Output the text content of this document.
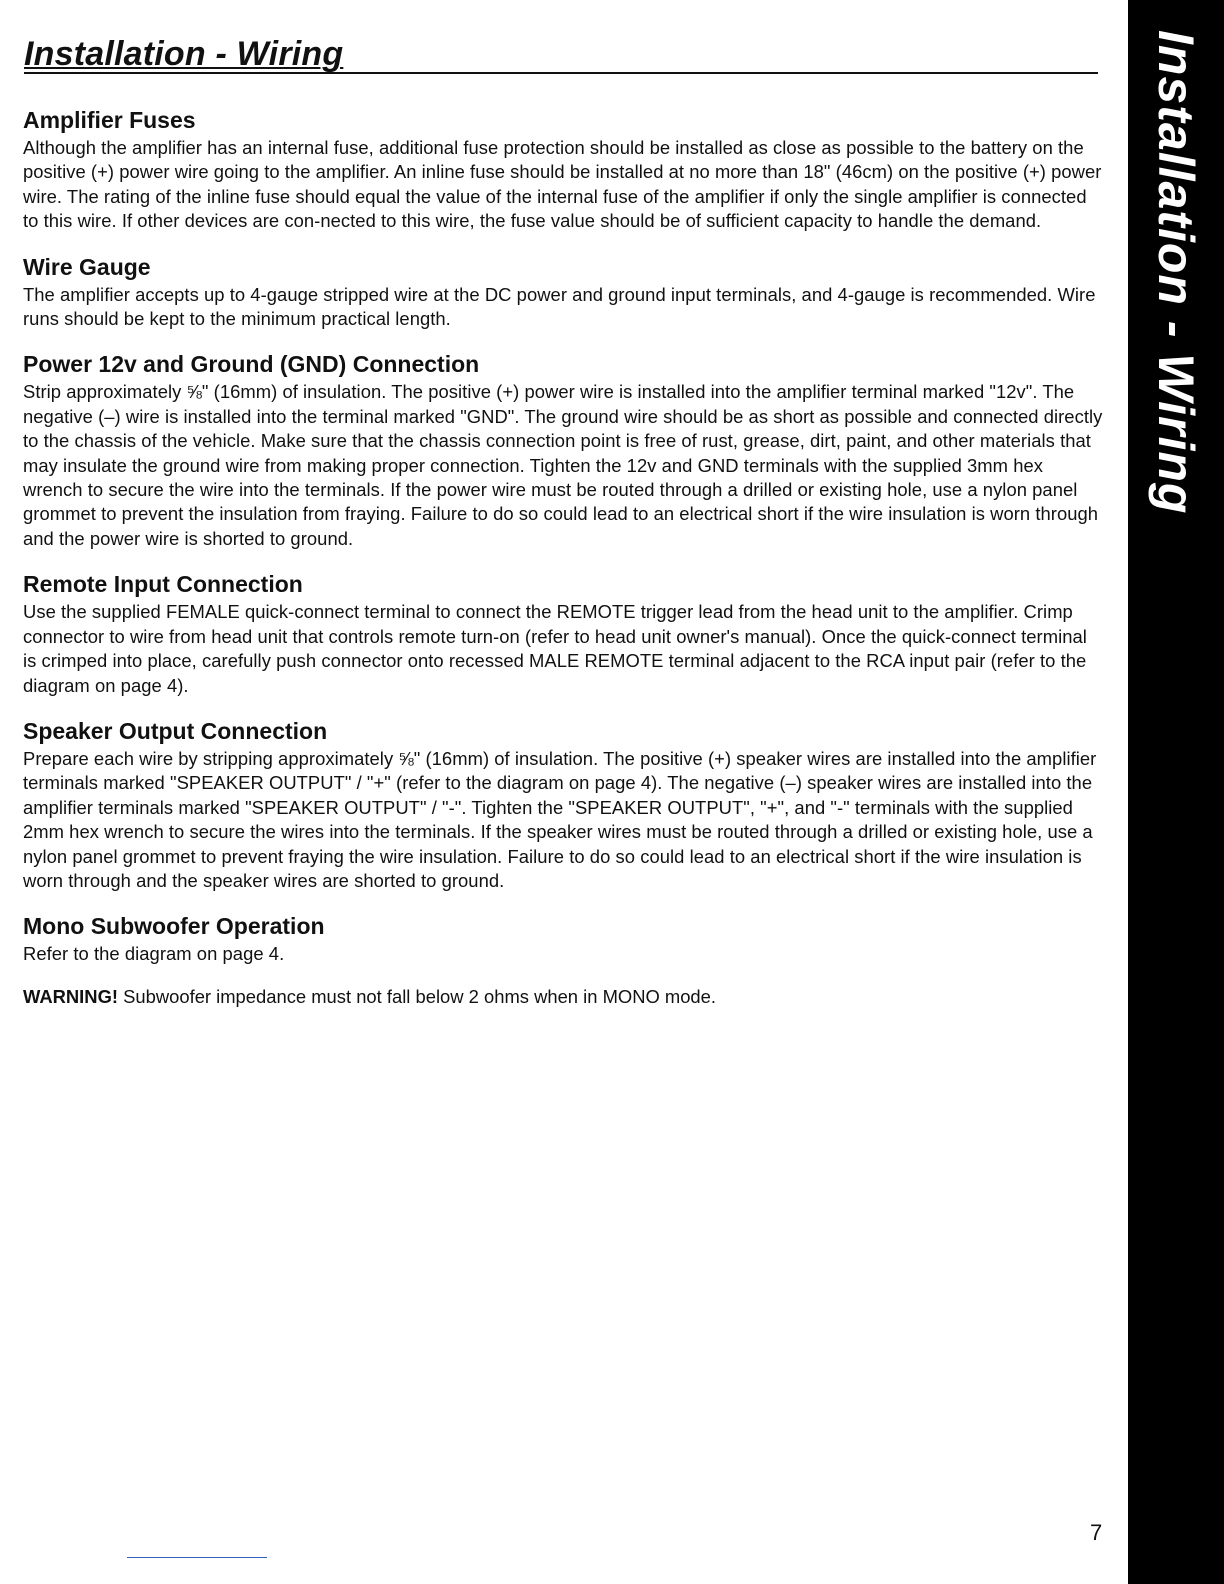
Installation - Wiring
Amplifier Fuses

Although the amplifier has an internal fuse, additional fuse protection should be installed as close as possible to the battery on the positive (+) power wire going to the amplifier. An inline fuse should be installed at no more than 18" (46cm) on the positive (+) power wire. The rating of the inline fuse should equal the value of the internal fuse of the amplifier if only the single amplifier is connected to this wire. If other devices are con-nected to this wire, the fuse value should be of sufficient capacity to handle the demand.

Wire Gauge

The amplifier accepts up to 4-gauge stripped wire at the DC power and ground input terminals, and 4-gauge is recommended. Wire runs should be kept to the minimum practical length.

Power 12v and Ground (GND) Connection

Strip approximately ⅝" (16mm) of insulation. The positive (+) power wire is installed into the amplifier terminal marked "12v". The negative (–) wire is installed into the terminal marked "GND". The ground wire should be as short as possible and connected directly to the chassis of the vehicle. Make sure that the chassis connection point is free of rust, grease, dirt, paint, and other materials that may insulate the ground wire from making proper connection. Tighten the 12v and GND terminals with the supplied 3mm hex wrench to secure the wire into the terminals. If the power wire must be routed through a drilled or existing hole, use a nylon panel grommet to prevent the insulation from fraying. Failure to do so could lead to an electrical short if the wire insulation is worn through and the power wire is shorted to ground.

Remote Input Connection

Use the supplied FEMALE quick-connect terminal to connect the REMOTE trigger lead from the head unit to the amplifier. Crimp connector to wire from head unit that controls remote turn-on (refer to head unit owner's manual). Once the quick-connect terminal is crimped into place, carefully push connector onto recessed MALE REMOTE terminal adjacent to the RCA input pair (refer to the diagram on page 4).

Speaker Output Connection

Prepare each wire by stripping approximately ⅝" (16mm) of insulation. The positive (+) speaker wires are installed into the amplifier terminals marked "SPEAKER OUTPUT" / "+" (refer to the diagram on page 4). The negative (–) speaker wires are installed into the amplifier terminals marked "SPEAKER OUTPUT" / "-". Tighten the "SPEAKER OUTPUT", "+", and "-" terminals with the supplied 2mm hex wrench to secure the wires into the terminals. If the speaker wires must be routed through a drilled or existing hole, use a nylon panel grommet to prevent fraying the wire insulation. Failure to do so could lead to an electrical short if the wire insulation is worn through and the speaker wires are shorted to ground.

Mono Subwoofer Operation

Refer to the diagram on page 4.

WARNING! Subwoofer impedance must not fall below 2 ohms when in MONO mode.

Installation - Wiring

7
